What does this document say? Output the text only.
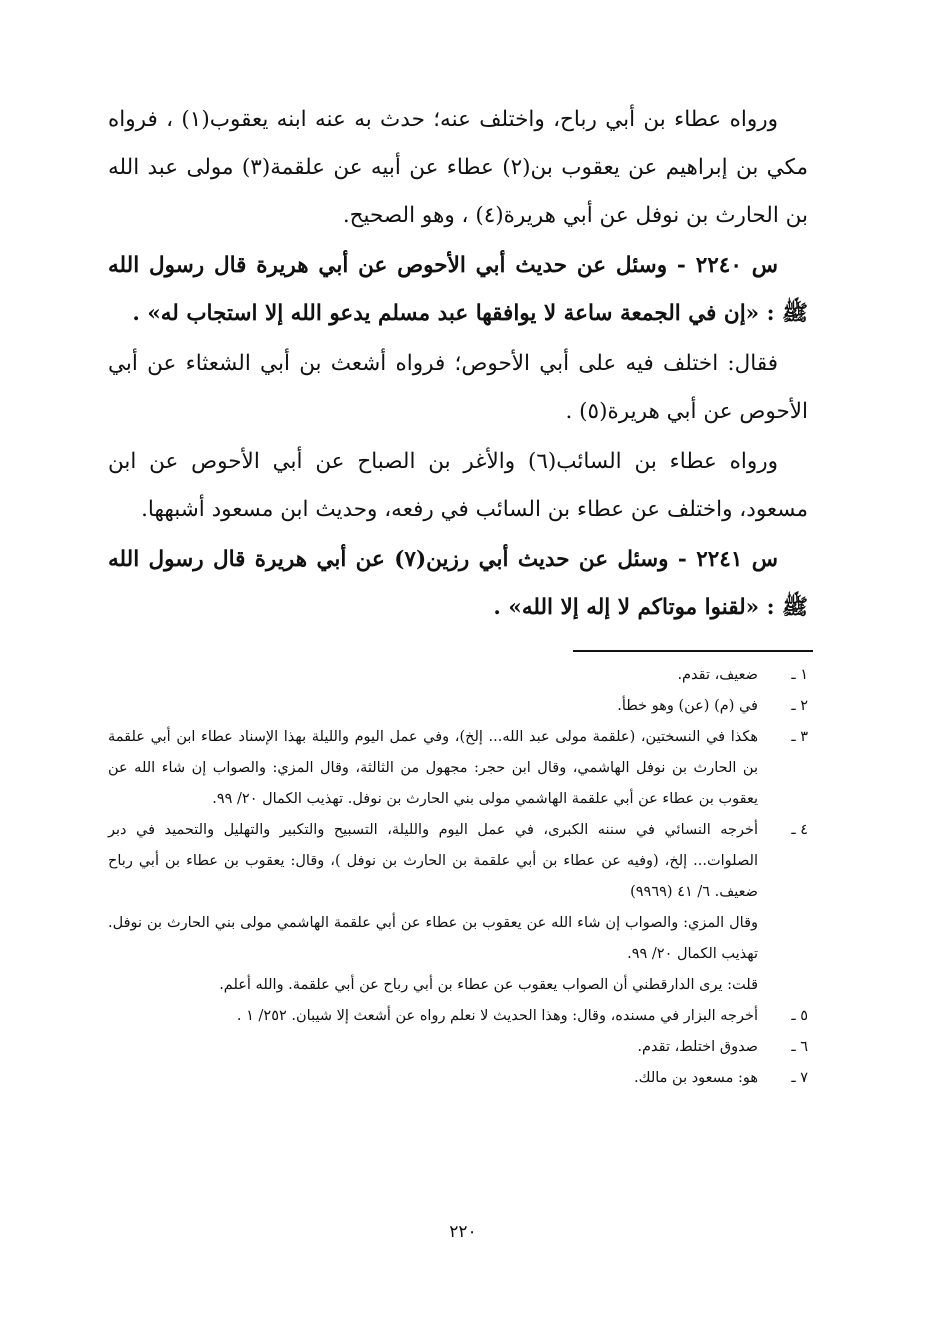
ورواه عطاء بن أبي رباح، واختلف عنه؛ حدث به عنه ابنه يعقوب(١) ، فرواه مكي بن إبراهيم عن يعقوب بن(٢) عطاء عن أبيه عن علقمة(٣) مولى عبد الله بن الحارث بن نوفل عن أبي هريرة(٤) ، وهو الصحيح.

س ٢٢٤٠ - وسئل عن حديث أبي الأحوص عن أبي هريرة قال رسول الله ﷺ : «إن في الجمعة ساعة لا يوافقها عبد مسلم يدعو الله إلا استجاب له» .

فقال: اختلف فيه على أبي الأحوص؛ فرواه أشعث بن أبي الشعثاء عن أبي الأحوص عن أبي هريرة(٥) .

ورواه عطاء بن السائب(٦) والأغر بن الصباح عن أبي الأحوص عن ابن مسعود، واختلف عن عطاء بن السائب في رفعه، وحديث ابن مسعود أشبهها.

س ٢٢٤١ - وسئل عن حديث أبي رزين(٧) عن أبي هريرة قال رسول الله ﷺ : «لقنوا موتاكم لا إله إلا الله» .

١ ـ
ضعيف، تقدم.

٢ ـ
في (م) (عن) وهو خطأ.

٣ ـ
هكذا في النسختين، (علقمة مولى عبد الله... إلخ)، وفي عمل اليوم والليلة بهذا الإسناد عطاء ابن أبي علقمة بن الحارث بن نوفل الهاشمي، وقال ابن حجر: مجهول من الثالثة، وقال المزي: والصواب إن شاء الله عن يعقوب بن عطاء عن أبي علقمة الهاشمي مولى بني الحارث بن نوفل. تهذيب الكمال ٢٠/ ٩٩.

٤ ـ
أخرجه النسائي في سننه الكبرى، في عمل اليوم والليلة، التسبيح والتكبير والتهليل والتحميد في دبر الصلوات... إلخ، (وفيه عن عطاء بن أبي علقمة بن الحارث بن نوفل )، وقال: يعقوب بن عطاء بن أبي رباح ضعيف. ٦/ ٤١ (٩٩٦٩)

وقال المزي: والصواب إن شاء الله عن يعقوب بن عطاء عن أبي علقمة الهاشمي مولى بني الحارث بن نوفل. تهذيب الكمال ٢٠/ ٩٩.

قلت: يرى الدارقطني أن الصواب يعقوب عن عطاء بن أبي رباح عن أبي علقمة. والله أعلم.

٥ ـ
أخرجه البزار في مسنده، وقال: وهذا الحديث لا نعلم رواه عن أشعث إلا شيبان. ٢٥٢/ ١ .

٦ ـ
صدوق اختلط، تقدم.

٧ ـ
هو: مسعود بن مالك.

٢٢٠
